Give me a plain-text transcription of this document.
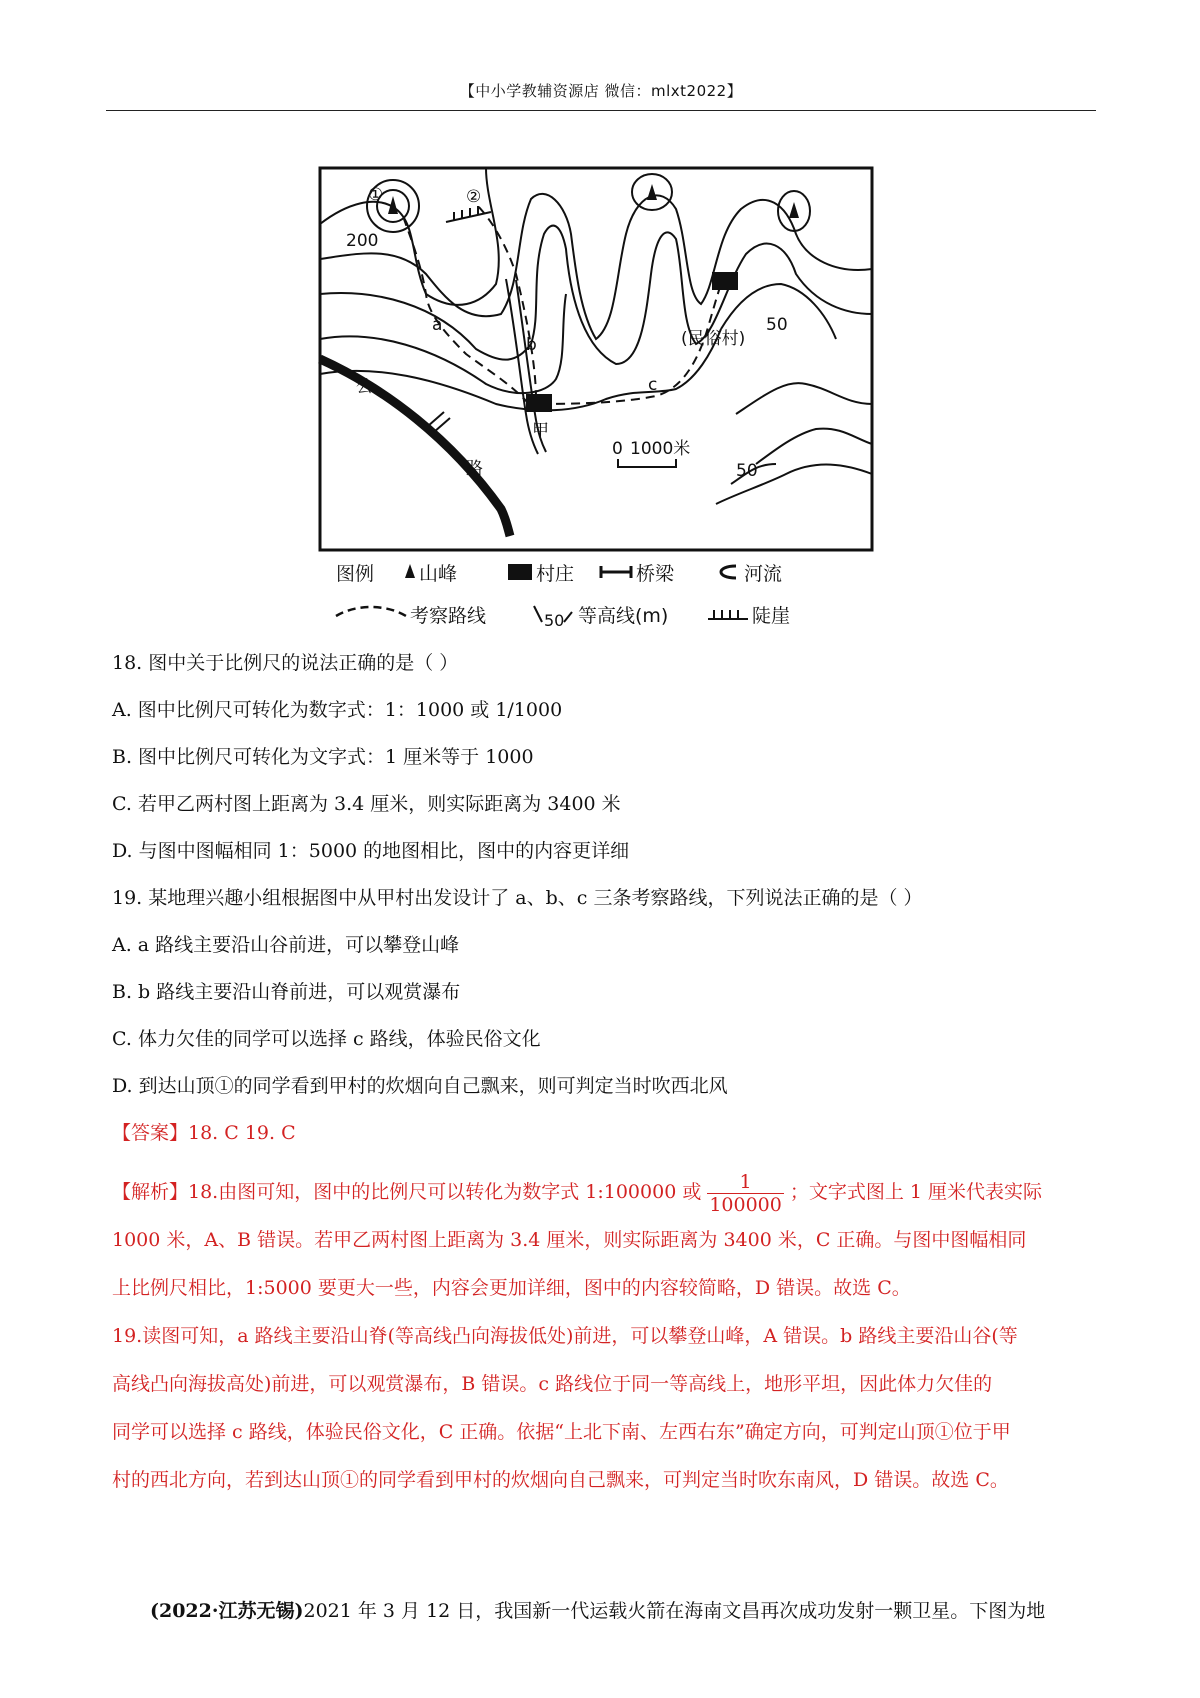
【中小学教辅资源店 微信：mlxt2022】
①	②
200
50
50
a
b
c
甲
(民俗村)
公
路
0 1000米
图例 山峰	村庄	桥梁	河流
考察路线	50 等高线(m)	陡崖
18. 图中关于比例尺的说法正确的是（ ）
A. 图中比例尺可转化为数字式：1：1000 或 1/1000
B. 图中比例尺可转化为文字式：1 厘米等于 1000
C. 若甲乙两村图上距离为 3.4 厘米，则实际距离为 3400 米
D. 与图中图幅相同 1：5000 的地图相比，图中的内容更详细
19. 某地理兴趣小组根据图中从甲村出发设计了 a、b、c 三条考察路线，下列说法正确的是（ ）
A. a 路线主要沿山谷前进，可以攀登山峰
B. b 路线主要沿山脊前进，可以观赏瀑布
C. 体力欠佳的同学可以选择 c 路线，体验民俗文化
D. 到达山顶①的同学看到甲村的炊烟向自己飘来，则可判定当时吹西北风
【答案】18. C 19. C

【解析】18.由图可知，图中的比例尺可以转化为数字式 1:100000 或 $\frac{1}{100000}$ ；文字式图上 1 厘米代表实际

1000 米，A、B 错误。若甲乙两村图上距离为 3.4 厘米，则实际距离为 3400 米，C 正确。与图中图幅相同

上比例尺相比，1:5000 要更大一些，内容会更加详细，图中的内容较简略，D 错误。故选 C。

19.读图可知，a 路线主要沿山脊(等高线凸向海拔低处)前进，可以攀登山峰，A 错误。b 路线主要沿山谷(等

高线凸向海拔高处)前进，可以观赏瀑布，B 错误。c 路线位于同一等高线上，地形平坦，因此体力欠佳的

同学可以选择 c 路线，体验民俗文化，C 正确。依据“上北下南、左西右东”确定方向，可判定山顶①位于甲

村的西北方向，若到达山顶①的同学看到甲村的炊烟向自己飘来，可判定当时吹东南风，D 错误。故选 C。

(2022·江苏无锡)2021 年 3 月 12 日，我国新一代运载火箭在海南文昌再次成功发射一颗卫星。下图为地
